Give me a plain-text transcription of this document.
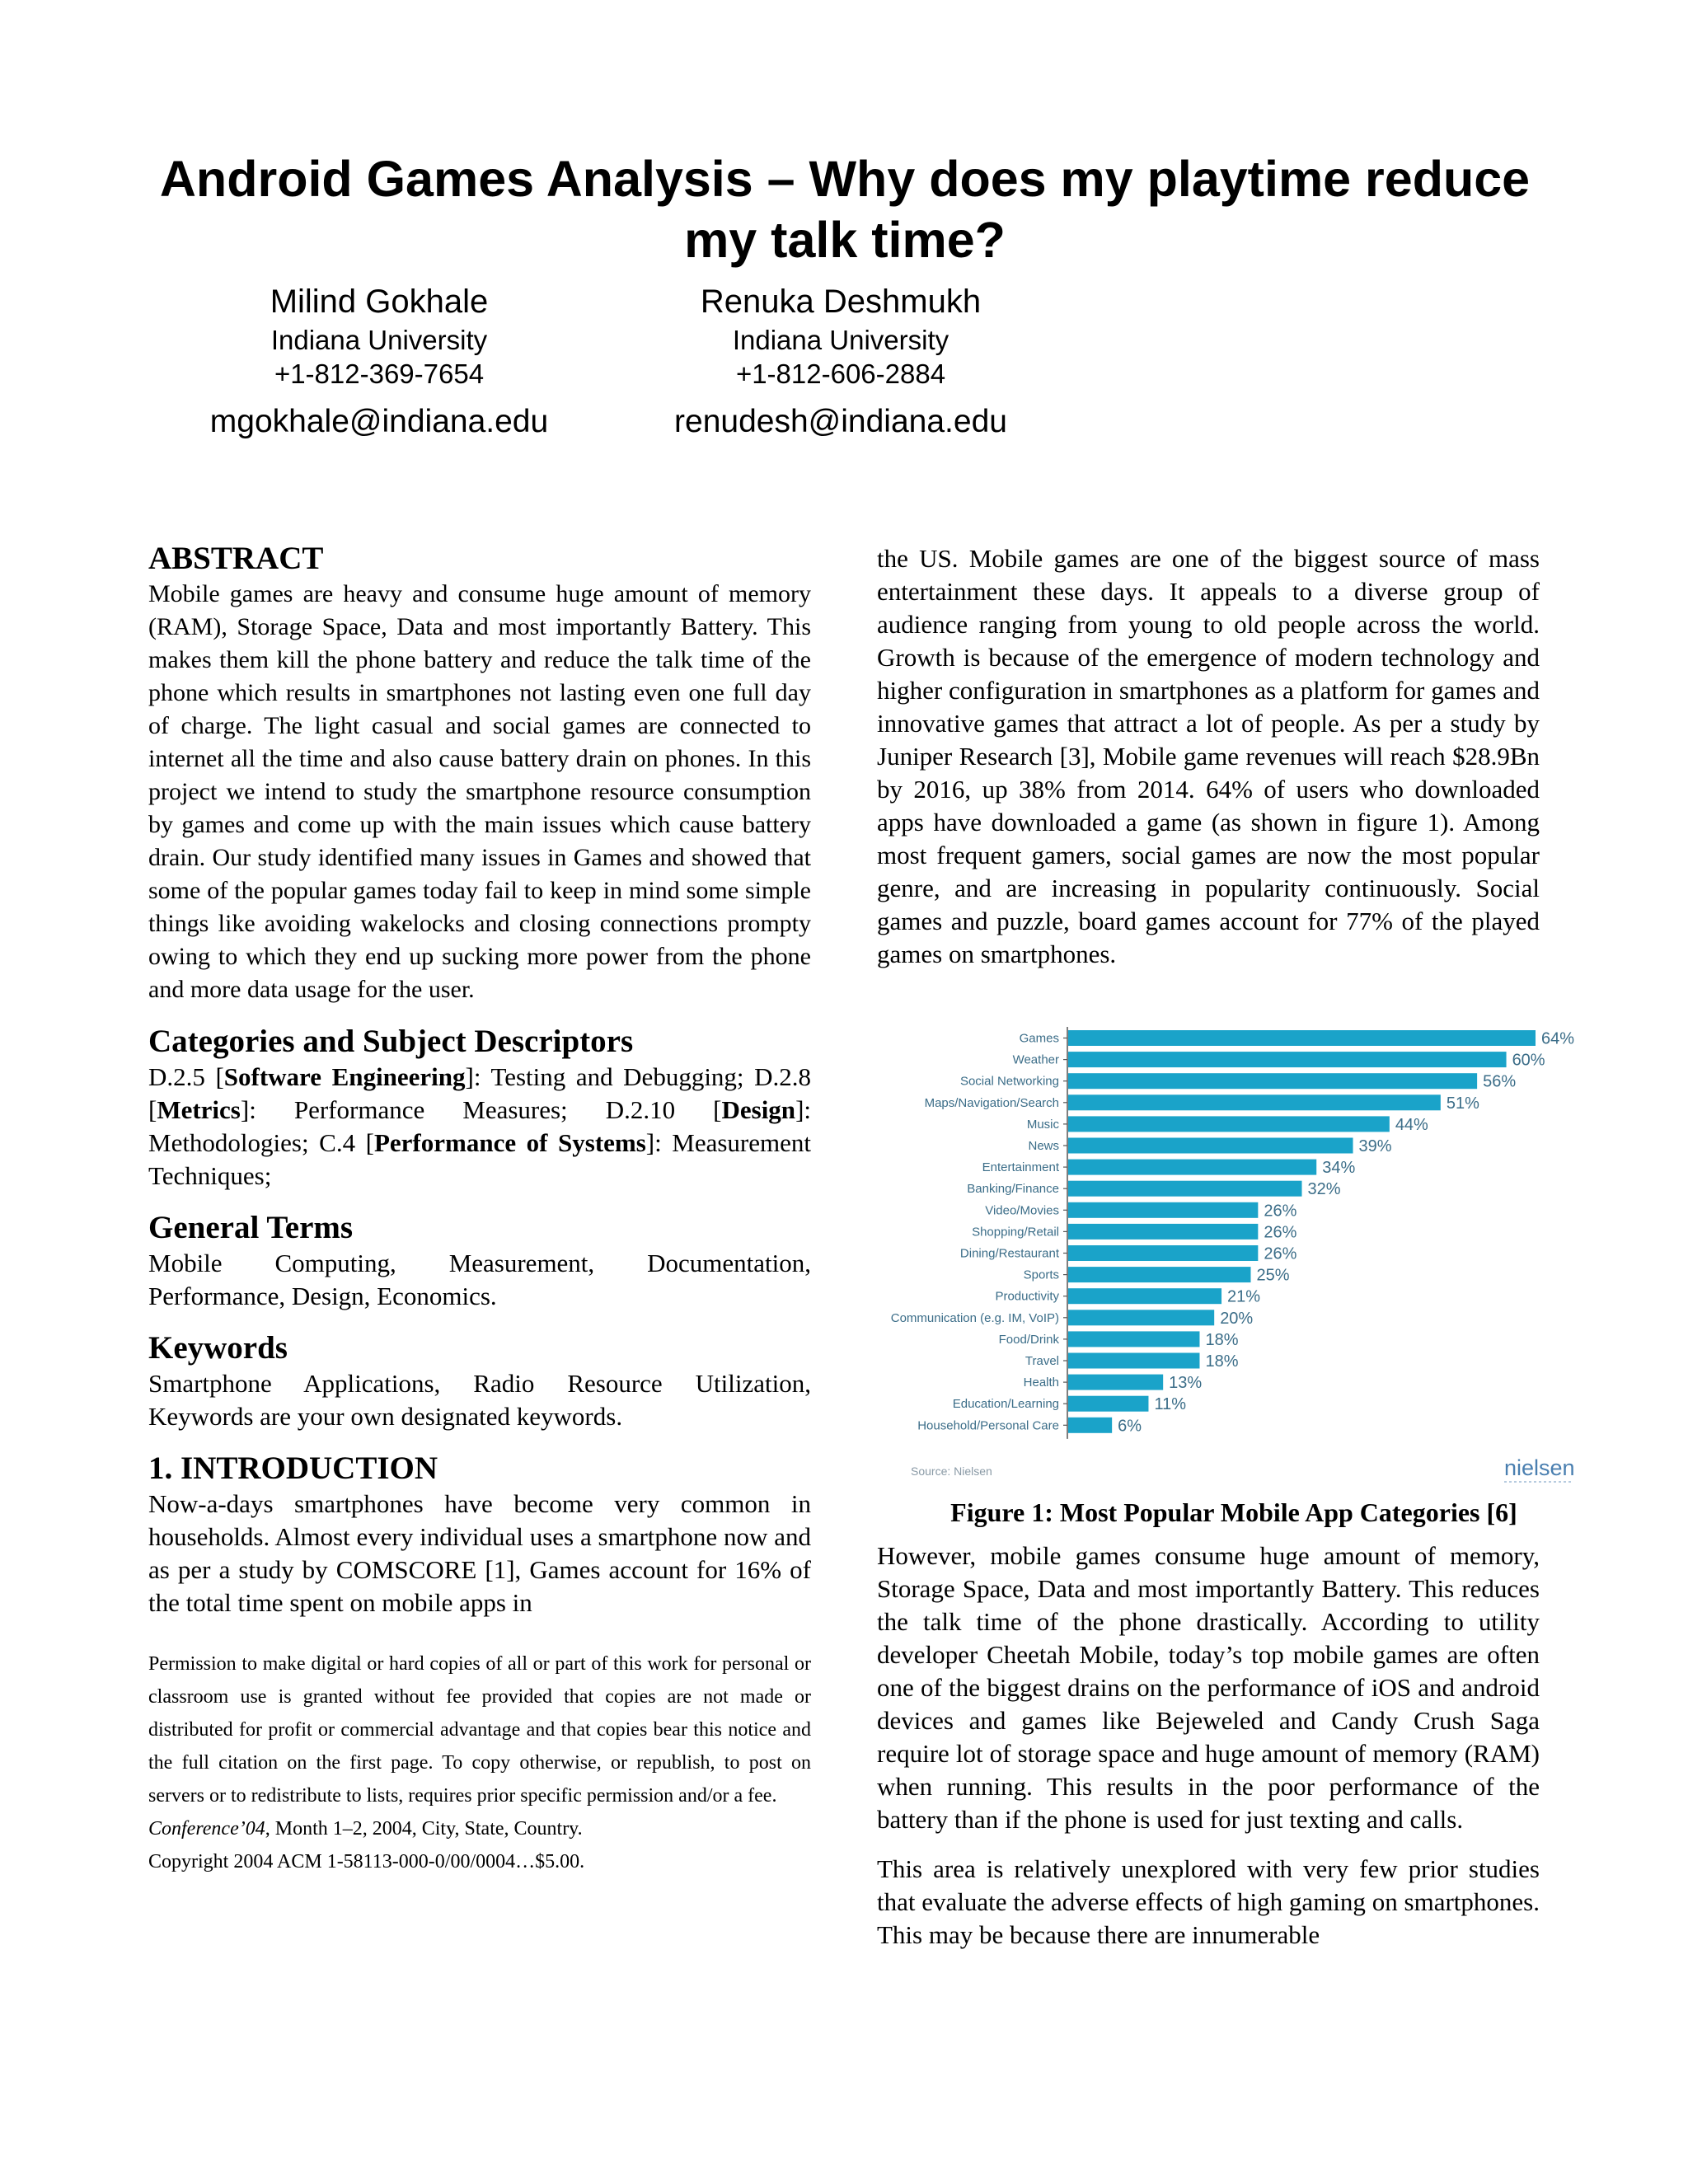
Android Games Analysis – Why does my playtime reduce
my talk time?
Milind Gokhale
Indiana University
+1-812-369-7654
mgokhale@indiana.edu
Renuka Deshmukh
Indiana University
+1-812-606-2884
renudesh@indiana.edu
ABSTRACT

Mobile games are heavy and consume huge amount of memory (RAM), Storage Space, Data and most importantly Battery. This makes them kill the phone battery and reduce the talk time of the phone which results in smartphones not lasting even one full day of charge. The light casual and social games are connected to internet all the time and also cause battery drain on phones. In this project we intend to study the smartphone resource consumption by games and come up with the main issues which cause battery drain. Our study identified many issues in Games and showed that some of the popular games today fail to keep in mind some simple things like avoiding wakelocks and closing connections prompty owing to which they end up sucking more power from the phone and more data usage for the user.

Categories and Subject Descriptors

D.2.5 [Software Engineering]: Testing and Debugging; D.2.8 [Metrics]: Performance Measures; D.2.10 [Design]: Methodologies; C.4 [Performance of Systems]: Measurement Techniques;

General Terms

Mobile Computing, Measurement, Documentation, Performance, Design, Economics.

Keywords

Smartphone Applications, Radio Resource Utilization, Keywords are your own designated keywords.

1. INTRODUCTION

Now-a-days smartphones have become very common in households. Almost every individual uses a smartphone now and as per a study by COMSCORE [1], Games account for 16% of the total time spent on mobile apps in

Permission to make digital or hard copies of all or part of this work for personal or classroom use is granted without fee provided that copies are not made or distributed for profit or commercial advantage and that copies bear this notice and the full citation on the first page. To copy otherwise, or republish, to post on servers or to redistribute to lists, requires prior specific permission and/or a fee.

Conference’04, Month 1–2, 2004, City, State, Country.

Copyright 2004 ACM 1-58113-000-0/00/0004…$5.00.

the US. Mobile games are one of the biggest source of mass entertainment these days. It appeals to a diverse group of audience ranging from young to old people across the world. Growth is because of the emergence of modern technology and higher configuration in smartphones as a platform for games and innovative games that attract a lot of people. As per a study by Juniper Research [3], Mobile game revenues will reach $28.9Bn by 2016, up 38% from 2014. 64% of users who downloaded apps have downloaded a game (as shown in figure 1). Among most frequent gamers, social games are now the most popular genre, and are increasing in popularity continuously. Social games and puzzle, board games account for 77% of the played games on smartphones.

Games	64%
Weather	60%
Social Networking	56%
Maps/Navigation/Search	51%
Music	44%
News	39%
Entertainment	34%
Banking/Finance	32%
Video/Movies	26%
Shopping/Retail	26%
Dining/Restaurant	26%
Sports	25%
Productivity	21%
Communication (e.g. IM, VoIP)	20%
Food/Drink	18%
Travel	18%
Health	13%
Education/Learning	11%
Household/Personal Care	6%
Source: Nielsen	nielsen
Figure 1: Most Popular Mobile App Categories [6]

However, mobile games consume huge amount of memory, Storage Space, Data and most importantly Battery. This reduces the talk time of the phone drastically. According to utility developer Cheetah Mobile, today’s top mobile games are often one of the biggest drains on the performance of iOS and android devices and games like Bejeweled and Candy Crush Saga require lot of storage space and huge amount of memory (RAM) when running. This results in the poor performance of the battery than if the phone is used for just texting and calls.

This area is relatively unexplored with very few prior studies that evaluate the adverse effects of high gaming on smartphones. This may be because there are innumerable
